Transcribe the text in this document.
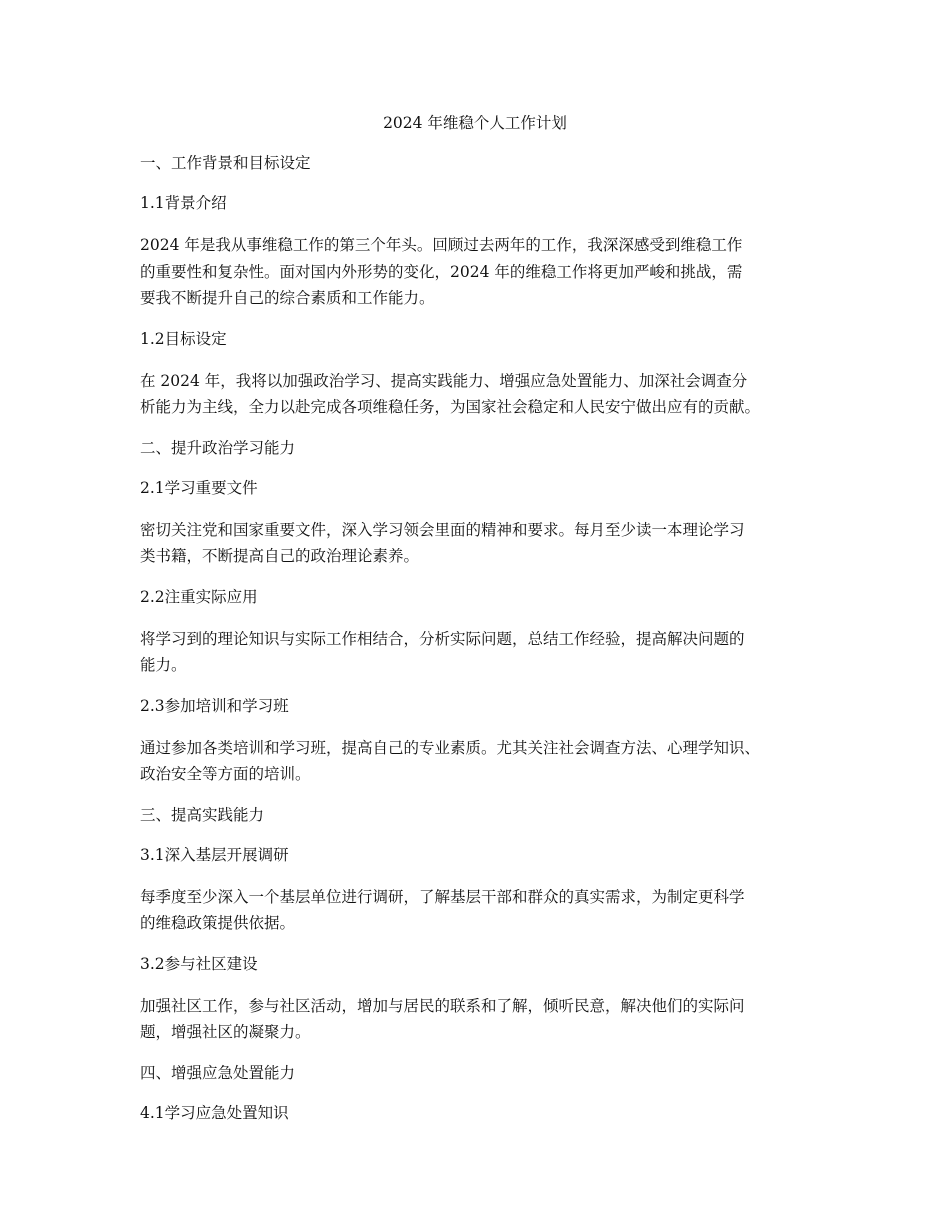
2024 年维稳个人工作计划
一、工作背景和目标设定
1.1背景介绍
2024 年是我从事维稳工作的第三个年头。回顾过去两年的工作，我深深感受到维稳工作
的重要性和复杂性。面对国内外形势的变化，2024 年的维稳工作将更加严峻和挑战，需
要我不断提升自己的综合素质和工作能力。
1.2目标设定
在 2024 年，我将以加强政治学习、提高实践能力、增强应急处置能力、加深社会调查分
析能力为主线，全力以赴完成各项维稳任务，为国家社会稳定和人民安宁做出应有的贡献。
二、提升政治学习能力
2.1学习重要文件
密切关注党和国家重要文件，深入学习领会里面的精神和要求。每月至少读一本理论学习
类书籍，不断提高自己的政治理论素养。
2.2注重实际应用
将学习到的理论知识与实际工作相结合，分析实际问题，总结工作经验，提高解决问题的
能力。
2.3参加培训和学习班
通过参加各类培训和学习班，提高自己的专业素质。尤其关注社会调查方法、心理学知识、
政治安全等方面的培训。
三、提高实践能力
3.1深入基层开展调研
每季度至少深入一个基层单位进行调研，了解基层干部和群众的真实需求，为制定更科学
的维稳政策提供依据。
3.2参与社区建设
加强社区工作，参与社区活动，增加与居民的联系和了解，倾听民意，解决他们的实际问
题，增强社区的凝聚力。
四、增强应急处置能力
4.1学习应急处置知识
